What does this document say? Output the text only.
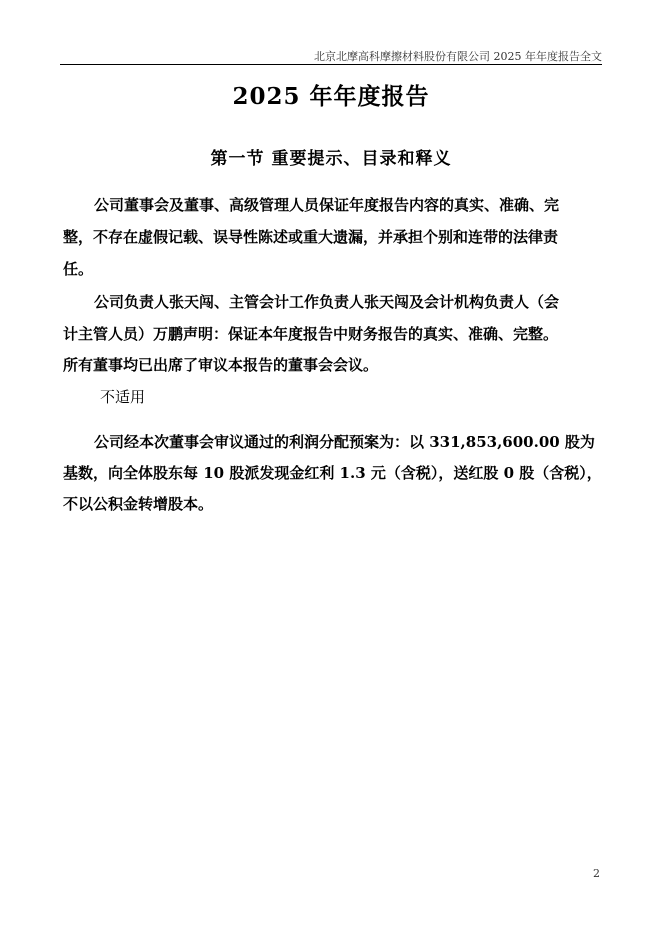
北京北摩高科摩擦材料股份有限公司 2025 年年度报告全文
2025 年年度报告
第一节 重要提示、目录和释义
公司董事会及董事、高级管理人员保证年度报告内容的真实、准确、完
整，不存在虚假记载、误导性陈述或重大遗漏，并承担个别和连带的法律责
任。
公司负责人张天闯、主管会计工作负责人张天闯及会计机构负责人（会
计主管人员）万鹏声明：保证本年度报告中财务报告的真实、准确、完整。
所有董事均已出席了审议本报告的董事会会议。
不适用
公司经本次董事会审议通过的利润分配预案为：以 331,853,600.00 股为
基数，向全体股东每 10 股派发现金红利 1.3 元（含税），送红股 0 股（含税），
不以公积金转增股本。
2
